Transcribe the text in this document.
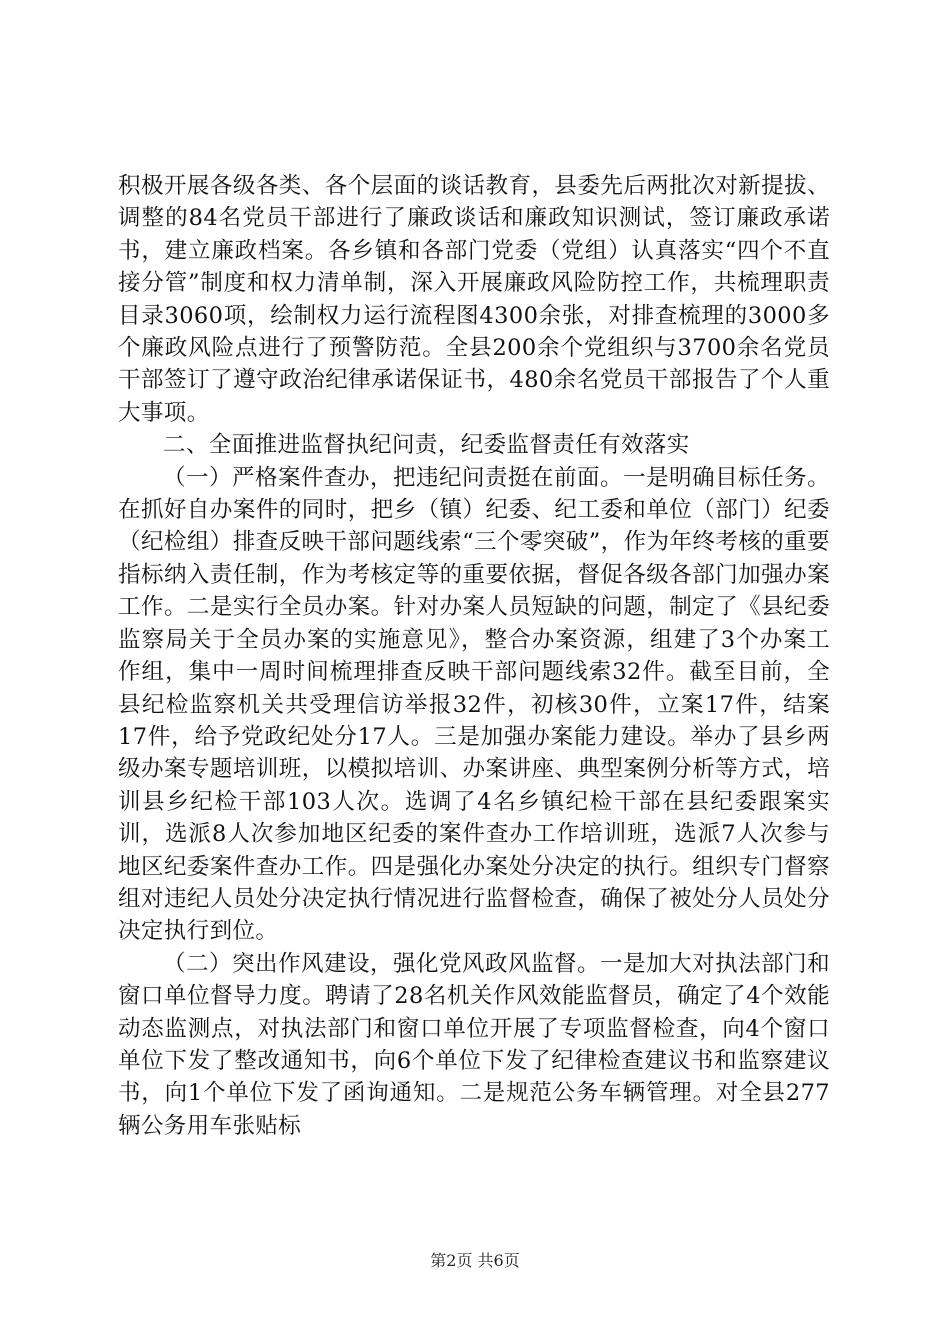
积极开展各级各类、各个层面的谈话教育，县委先后两批次对新提拔、调整的84名党员干部进行了廉政谈话和廉政知识测试，签订廉政承诺书，建立廉政档案。各乡镇和各部门党委（党组）认真落实“四个不直接分管”制度和权力清单制，深入开展廉政风险防控工作，共梳理职责目录3060项，绘制权力运行流程图4300余张，对排查梳理的3000多个廉政风险点进行了预警防范。全县200余个党组织与3700余名党员干部签订了遵守政治纪律承诺保证书，480余名党员干部报告了个人重大事项。

二、全面推进监督执纪问责，纪委监督责任有效落实

（一）严格案件查办，把违纪问责挺在前面。一是明确目标任务。在抓好自办案件的同时，把乡（镇）纪委、纪工委和单位（部门）纪委（纪检组）排查反映干部问题线索“三个零突破”，作为年终考核的重要指标纳入责任制，作为考核定等的重要依据，督促各级各部门加强办案工作。二是实行全员办案。针对办案人员短缺的问题，制定了《县纪委监察局关于全员办案的实施意见》，整合办案资源，组建了3个办案工作组，集中一周时间梳理排查反映干部问题线索32件。截至目前，全县纪检监察机关共受理信访举报32件，初核30件，立案17件，结案17件，给予党政纪处分17人。三是加强办案能力建设。举办了县乡两级办案专题培训班，以模拟培训、办案讲座、典型案例分析等方式，培训县乡纪检干部103人次。选调了4名乡镇纪检干部在县纪委跟案实训，选派8人次参加地区纪委的案件查办工作培训班，选派7人次参与地区纪委案件查办工作。四是强化办案处分决定的执行。组织专门督察组对违纪人员处分决定执行情况进行监督检查，确保了被处分人员处分决定执行到位。

（二）突出作风建设，强化党风政风监督。一是加大对执法部门和窗口单位督导力度。聘请了28名机关作风效能监督员，确定了4个效能动态监测点，对执法部门和窗口单位开展了专项监督检查，向4个窗口单位下发了整改通知书，向6个单位下发了纪律检查建议书和监察建议书，向1个单位下发了函询通知。二是规范公务车辆管理。对全县277辆公务用车张贴标

第2页 共6页
